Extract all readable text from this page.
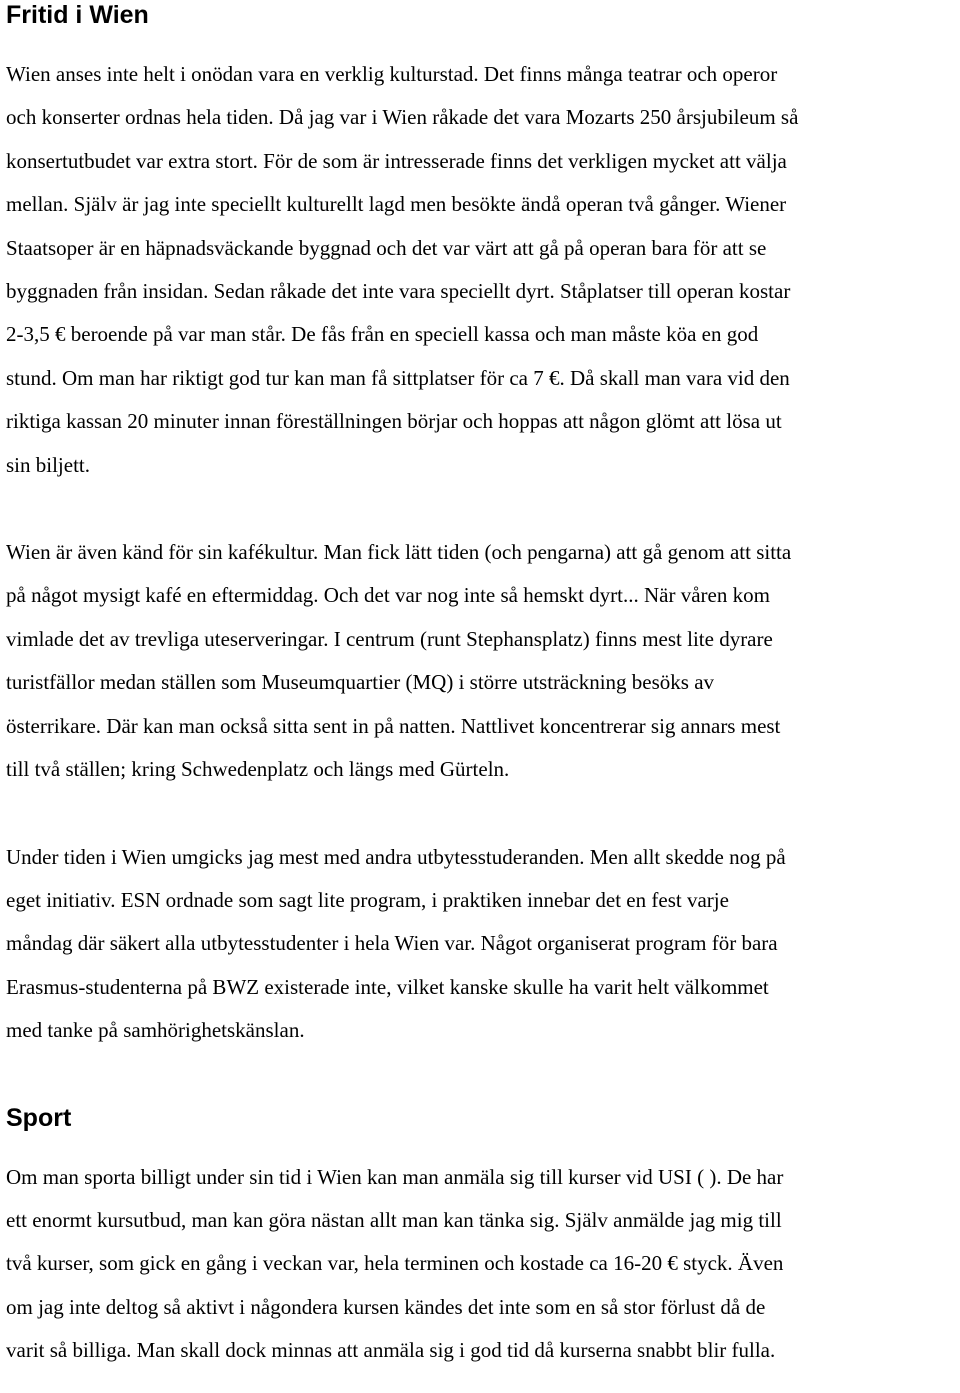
Fritid i Wien

Wien anses inte helt i onödan vara en verklig kulturstad. Det finns många teatrar och operor
och konserter ordnas hela tiden. Då jag var i Wien råkade det vara Mozarts 250 årsjubileum så
konsertutbudet var extra stort. För de som är intresserade finns det verkligen mycket att välja
mellan. Själv är jag inte speciellt kulturellt lagd men besökte ändå operan två gånger. Wiener
Staatsoper är en häpnadsväckande byggnad och det var värt att gå på operan bara för att se
byggnaden från insidan. Sedan råkade det inte vara speciellt dyrt. Ståplatser till operan kostar
2-3,5 € beroende på var man står. De fås från en speciell kassa och man måste köa en god
stund. Om man har riktigt god tur kan man få sittplatser för ca 7 €. Då skall man vara vid den
riktiga kassan 20 minuter innan föreställningen börjar och hoppas att någon glömt att lösa ut
sin biljett.

Wien är även känd för sin kafékultur. Man fick lätt tiden (och pengarna) att gå genom att sitta
på något mysigt kafé en eftermiddag. Och det var nog inte så hemskt dyrt... När våren kom
vimlade det av trevliga uteserveringar. I centrum (runt Stephansplatz) finns mest lite dyrare
turistfällor medan ställen som Museumquartier (MQ) i större utsträckning besöks av
österrikare. Där kan man också sitta sent in på natten. Nattlivet koncentrerar sig annars mest
till två ställen; kring Schwedenplatz och längs med Gürteln.

Under tiden i Wien umgicks jag mest med andra utbytesstuderanden. Men allt skedde nog på
eget initiativ. ESN ordnade som sagt lite program, i praktiken innebar det en fest varje
måndag där säkert alla utbytesstudenter i hela Wien var. Något organiserat program för bara
Erasmus-studenterna på BWZ existerade inte, vilket kanske skulle ha varit helt välkommet
med tanke på samhörighetskänslan.

Sport

Om man sporta billigt under sin tid i Wien kan man anmäla sig till kurser vid USI ( ). De har
ett enormt kursutbud, man kan göra nästan allt man kan tänka sig. Själv anmälde jag mig till
två kurser, som gick en gång i veckan var, hela terminen och kostade ca 16-20 € styck. Även
om jag inte deltog så aktivt i någondera kursen kändes det inte som en så stor förlust då de
varit så billiga. Man skall dock minnas att anmäla sig i god tid då kurserna snabbt blir fulla.
